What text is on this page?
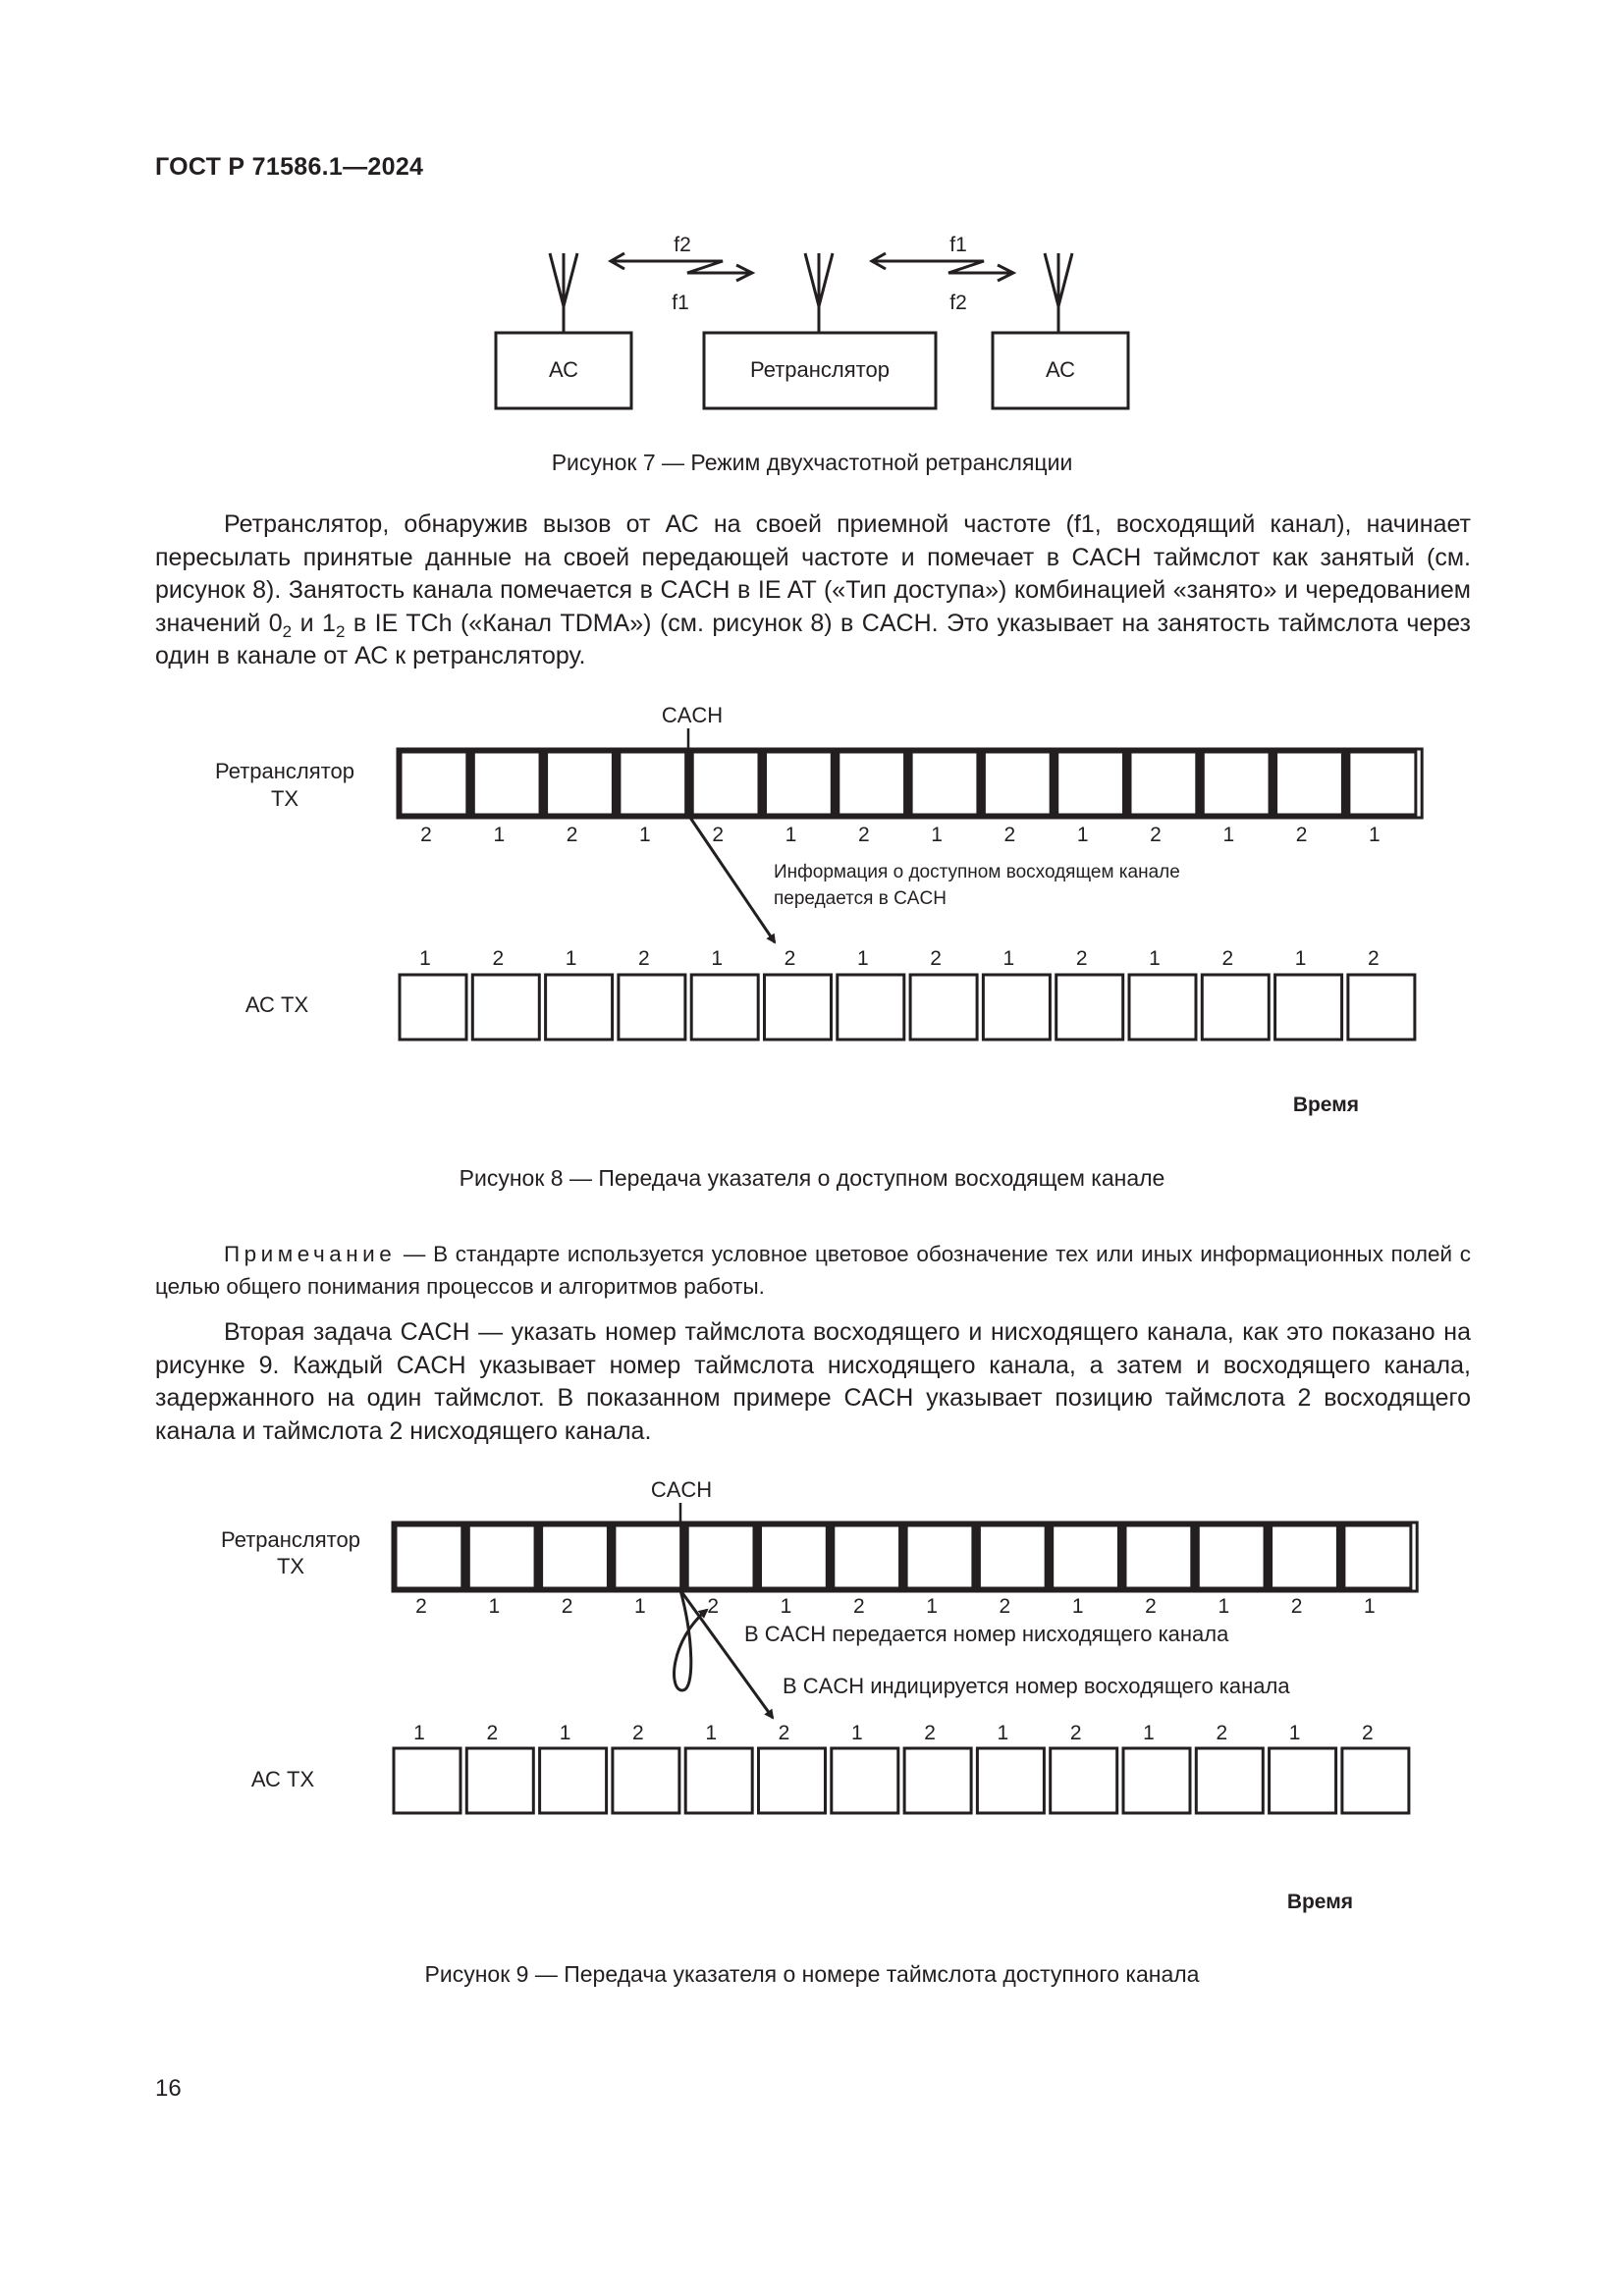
ГОСТ Р 71586.1—2024
f2
f1
f1
f2
АС	Ретранслятор	АС
Рисунок 7 — Режим двухчастотной ретрансляции
Ретранслятор, обнаружив вызов от АС на своей приемной частоте (f1, восходящий канал), начинает пересылать принятые данные на своей передающей частоте и помечает в CACH таймслот как занятый (см. рисунок 8). Занятость канала помечается в CACH в IE AT («Тип доступа») комбинацией «занято» и чередованием значений $0_2$ и $1_2$ в IE TCh («Канал TDMA») (см. рисунок 8) в CACH. Это указывает на занятость таймслота через один в канале от АС к ретранслятору.
CACH
Ретранслятор
TX
АС TX
2	1	2	1	2	1	2	1	2	1	2	1	2	1
1	2	1	2	1	2	1	2	1	2	1	2	1	2
Информация о доступном восходящем канале
передается в CACH
Время
Рисунок 8 — Передача указателя о доступном восходящем канале
Примечание — В стандарте используется условное цветовое обозначение тех или иных информационных полей с целью общего понимания процессов и алгоритмов работы.
Вторая задача CACH — указать номер таймслота восходящего и нисходящего канала, как это показано на рисунке 9. Каждый CACH указывает номер таймслота нисходящего канала, а затем и восходящего канала, задержанного на один таймслот. В показанном примере CACH указывает позицию таймслота 2 восходящего канала и таймслота 2 нисходящего канала.
CACH
Ретранслятор
TX
АС TX
2	1	2	1	2	1	2	1	2	1	2	1	2	1
1	2	1	2	1	2	1	2	1	2	1	2	1	2
В CACH передается номер нисходящего канала
В CACH индицируется номер восходящего канала
Время
Рисунок 9 — Передача указателя о номере таймслота доступного канала
16
